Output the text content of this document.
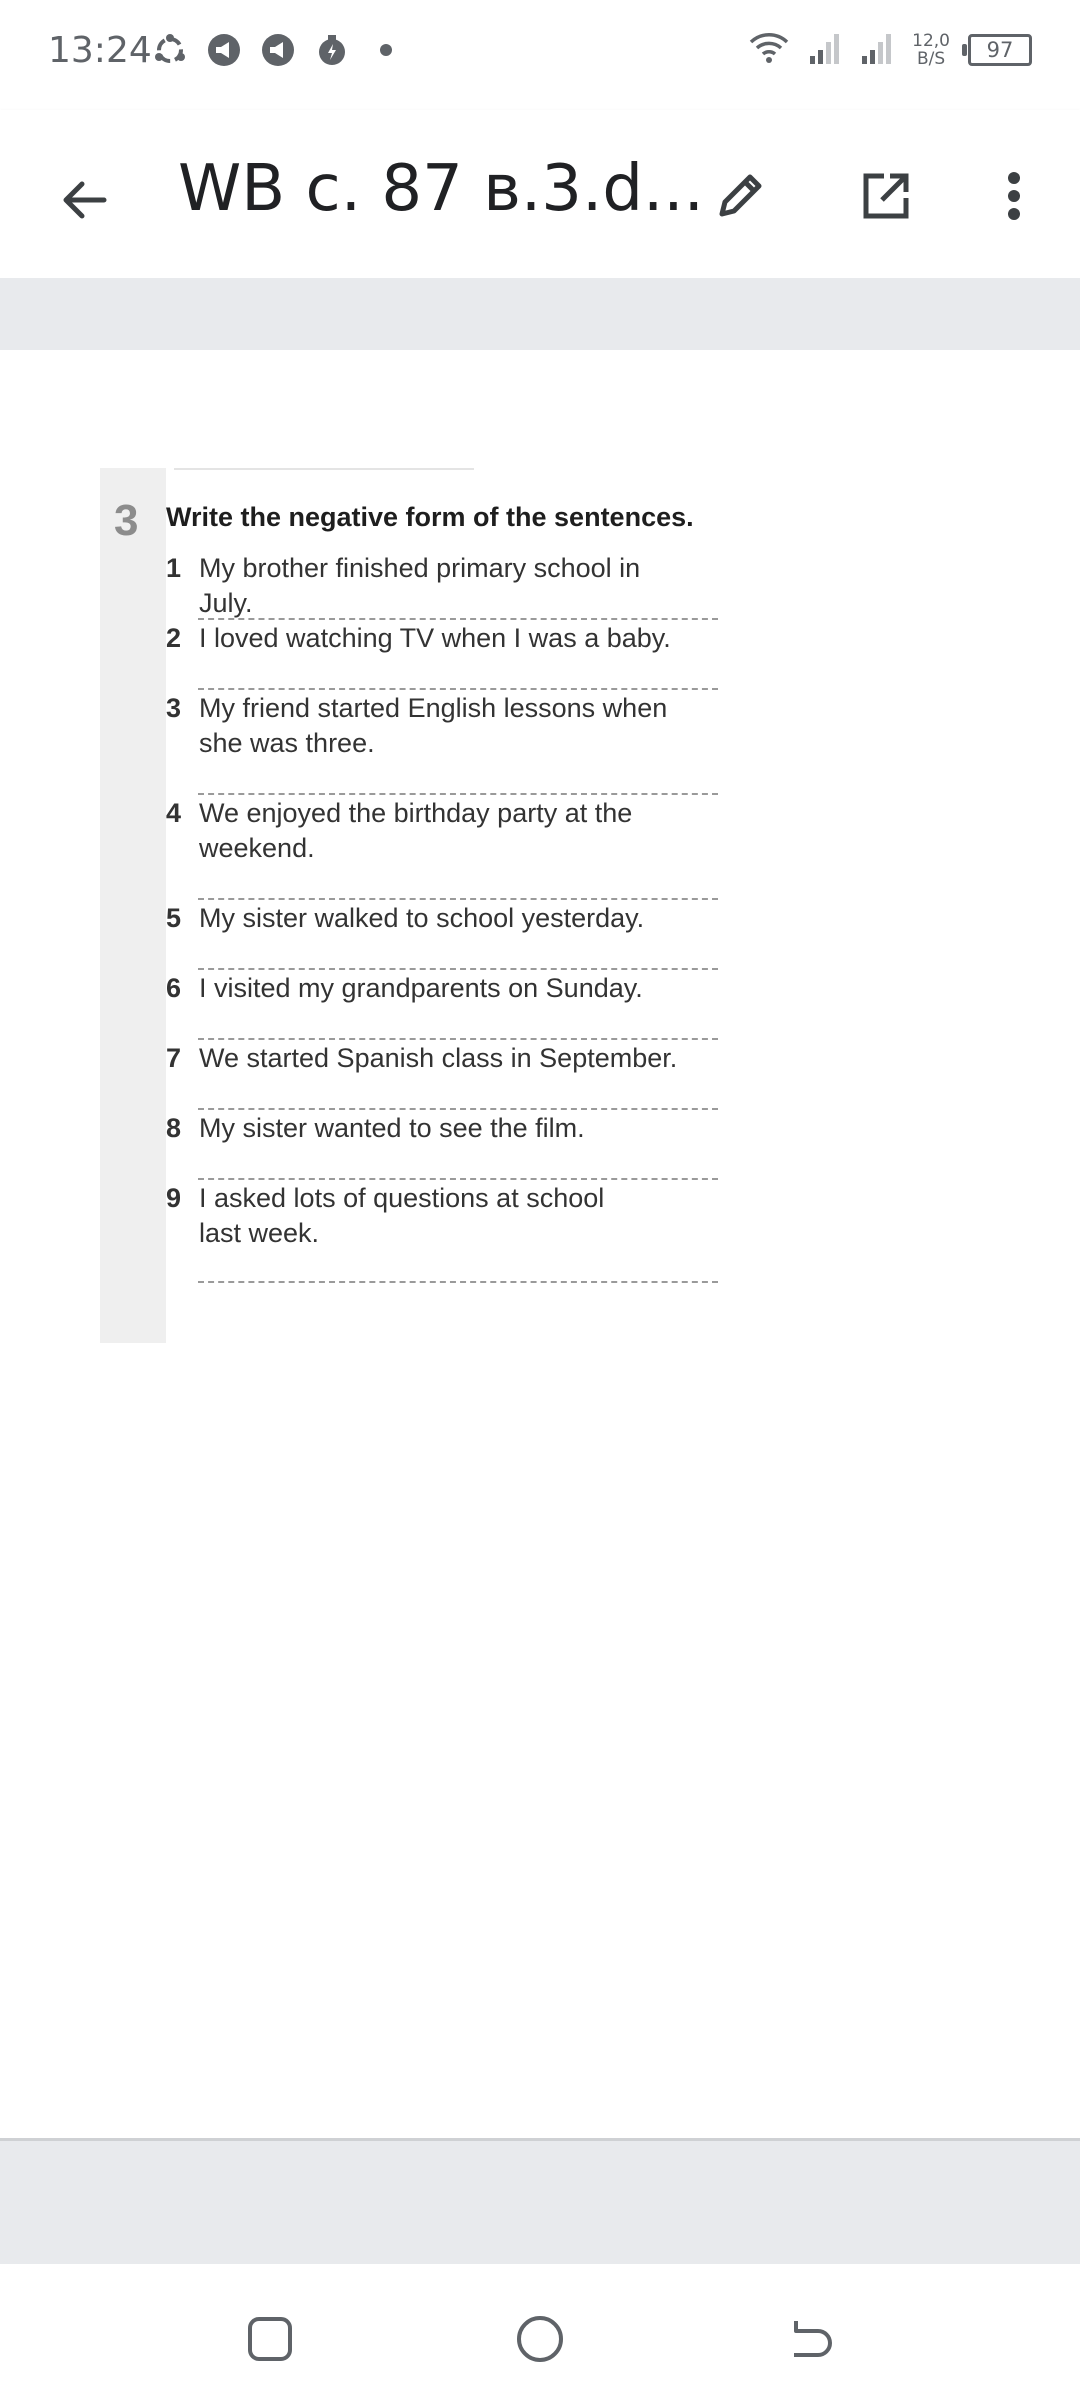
13:24	12,0
B/S	97
WB с. 87 в.3.d...
3 Write the negative form of the sentences.
1 My brother finished primary school in July.
2 I loved watching TV when I was a baby.
3 My friend started English lessons when
she was three.
4 We enjoyed the birthday party at the
weekend.
5 My sister walked to school yesterday.
6 I visited my grandparents on Sunday.
7 We started Spanish class in September.
8 My sister wanted to see the film.
9 I asked lots of questions at school
last week.
